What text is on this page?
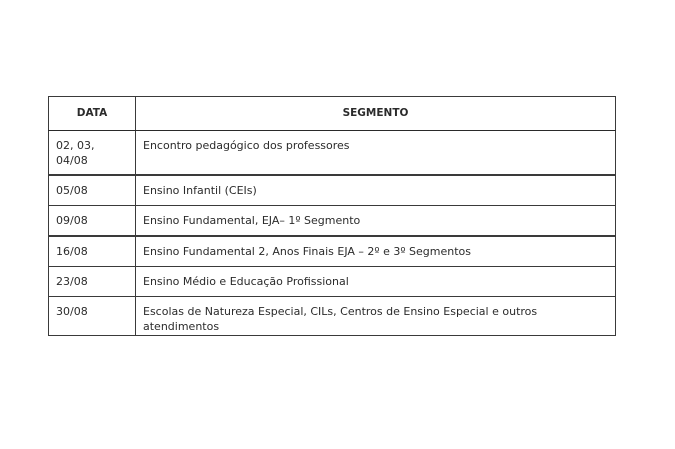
DATA	SEGMENTO
02, 03,
04/08	Encontro pedagógico dos professores
05/08	Ensino Infantil (CEIs)
09/08	Ensino Fundamental, EJA– 1º Segmento
16/08	Ensino Fundamental 2, Anos Finais EJA – 2º e 3º Segmentos
23/08	Ensino Médio e Educação Profissional
30/08	Escolas de Natureza Especial, CILs, Centros de Ensino Especial e outros
atendimentos
